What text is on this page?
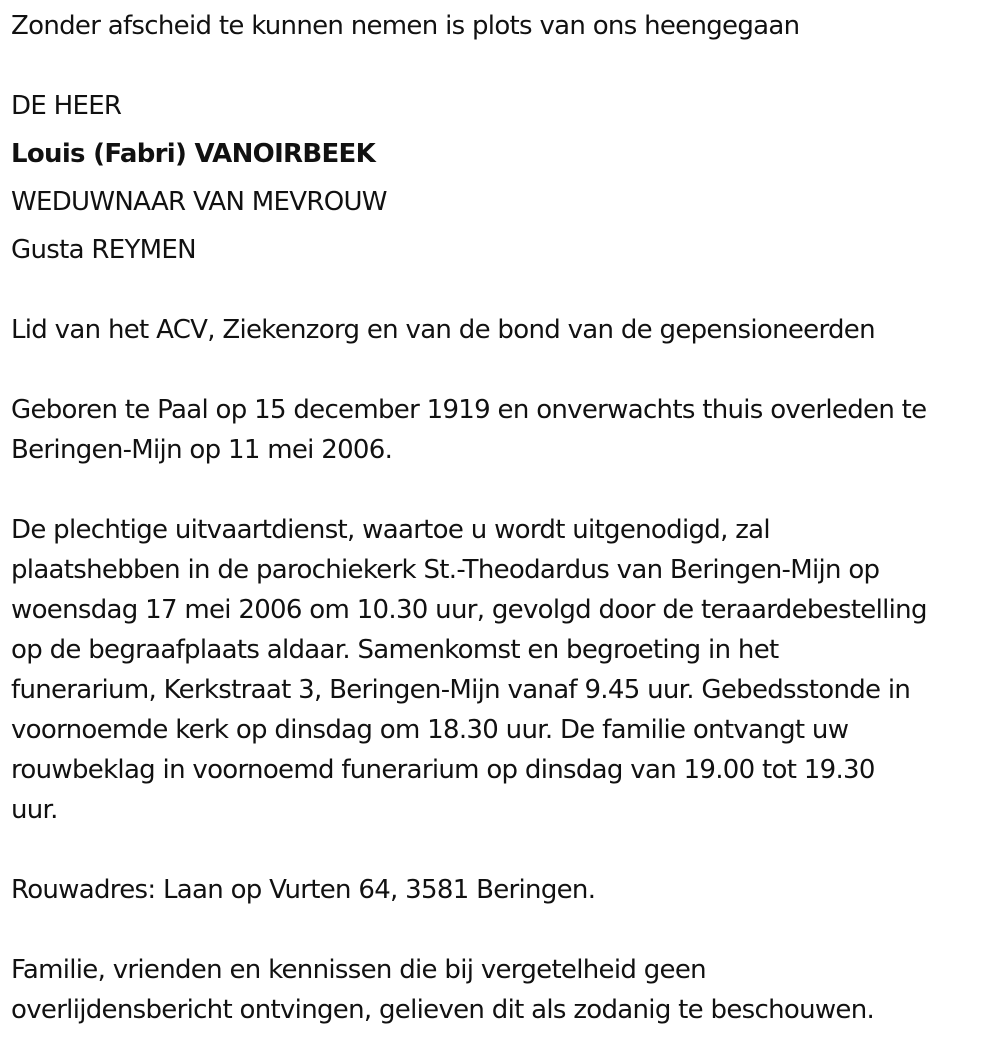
Zonder afscheid te kunnen nemen is plots van ons heengegaan
DE HEER
Louis (Fabri) VANOIRBEEK
WEDUWNAAR VAN MEVROUW
Gusta REYMEN
Lid van het ACV, Ziekenzorg en van de bond van de gepensioneerden
Geboren te Paal op 15 december 1919 en onverwachts thuis overleden te
Beringen-Mijn op 11 mei 2006.
De plechtige uitvaartdienst, waartoe u wordt uitgenodigd, zal
plaatshebben in de parochiekerk St.-Theodardus van Beringen-Mijn op
woensdag 17 mei 2006 om 10.30 uur, gevolgd door de teraardebestelling
op de begraafplaats aldaar. Samenkomst en begroeting in het
funerarium, Kerkstraat 3, Beringen-Mijn vanaf 9.45 uur. Gebedsstonde in
voornoemde kerk op dinsdag om 18.30 uur. De familie ontvangt uw
rouwbeklag in voornoemd funerarium op dinsdag van 19.00 tot 19.30
uur.
Rouwadres: Laan op Vurten 64, 3581 Beringen.
Familie, vrienden en kennissen die bij vergetelheid geen
overlijdensbericht ontvingen, gelieven dit als zodanig te beschouwen.
